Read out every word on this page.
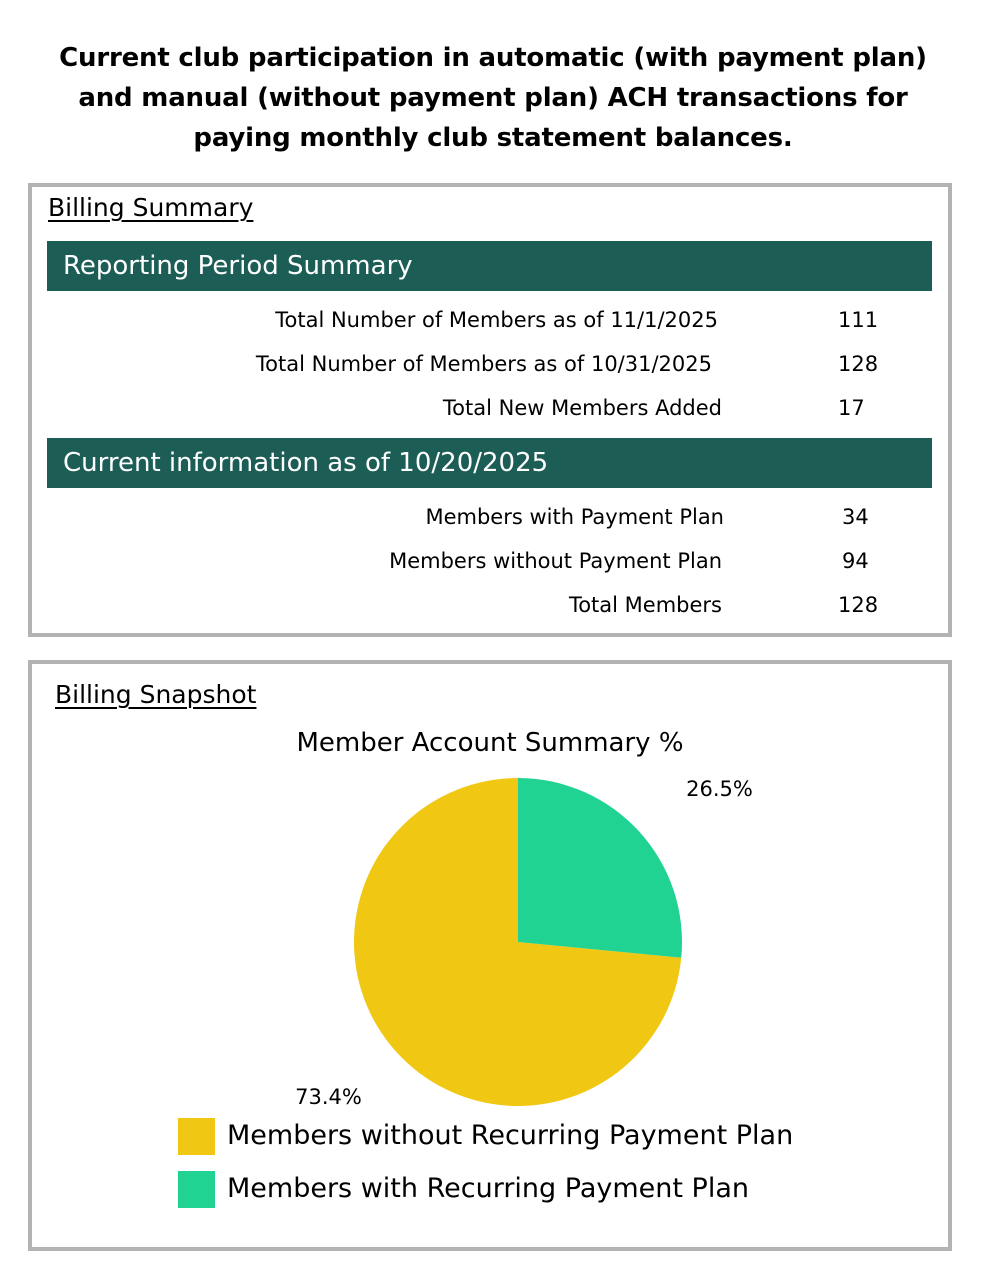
Current club participation in automatic (with payment plan)
and manual (without payment plan) ACH transactions for
paying monthly club statement balances.
Billing Summary
Reporting Period Summary
Total Number of Members as of 11/1/2025	111
Total Number of Members as of 10/31/2025	128
Total New Members Added	17
Current information as of 10/20/2025
Members with Payment Plan	34
Members without Payment Plan	94
Total Members	128
Billing Snapshot
Member Account Summary %
73.4%
26.5%
Members without Recurring Payment Plan
Members with Recurring Payment Plan
